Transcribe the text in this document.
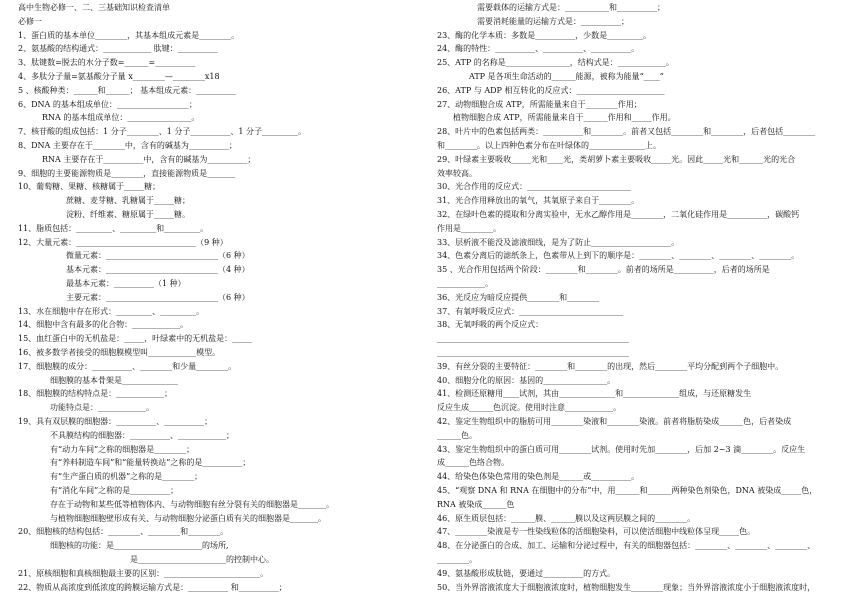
高中生物必修一、二、三基础知识检查清单
必修一
1、蛋白质的基本单位________，其基本组成元素是________。
2、氨基酸的结构通式：____________ 肽键：__________
3、肽键数=脱去的水分子数=______=__________
4、多肽分子量=氨基酸分子量 x________—________x18
5 、核酸种类：______和______； 基本组成元素：__________
6、DNA 的基本组成单位：__________________；
RNA 的基本组成单位：________________。
7、核苷酸的组成包括：1 分子________、1 分子__________、1 分子_________。
8、DNA 主要存在于________中，含有的碱基为__________；
RNA 主要存在于__________中，含有的碱基为__________；
9、细胞的主要能源物质是________，直接能源物质是_______
10、葡萄糖、果糖、核糖属于_____糖；
蔗糖、麦芽糖、乳糖属于_____糖；
淀粉、纤维素、糖原属于_____糖。
11、脂质包括：_________、_________和_________。
12、大量元素：______________________________（9 种）
微量元素：____________________________（6 种）
基本元素：____________________________（4 种）
最基本元素：__________（1 种）
主要元素：____________________________（6 种）
13、水在细胞中存在形式：_________、_________。
14、细胞中含有最多的化合物：____________。
15、血红蛋白中的无机盐是：_____，叶绿素中的无机盐是：_____
16、被多数学者接受的细胞膜模型叫____________模型。
17、细胞膜的成分：__________、________和少量________。
细胞膜的基本骨架是______________
18、细胞膜的结构特点是：____________；
功能特点是：____________。
19、具有双层膜的细胞器：__________、__________；
不具膜结构的细胞器：__________、____________；
有“动力车间”之称的细胞器是________；
有“养料制造车间”和“能量转换站”之称的是__________；
有“生产蛋白质的机器”之称的是________；
有“消化车间”之称的是__________；
存在于动物和某些低等植物体内、与动物细胞有丝分裂有关的细胞器是_______。
与植物细胞细胞壁形成有关、与动物细胞分泌蛋白质有关的细胞器是_______。
20、细胞核的结构包括：________、________和________。
细胞核的功能：是______________________的场所,
是______________________的控制中心。
21、原核细胞和真核细胞最主要的区别：________________________。
22、物质从高浓度到低浓度的跨膜运输方式是：__________ 和__________；
需要载体的运输方式是：___________和__________；
需要消耗能量的运输方式是：__________；
23、酶的化学本质：多数是__________，少数是_________。
24、酶的特性：__________、__________、__________。
25、ATP 的名称是________________，结构式是：____________。
ATP 是各项生命活动的______能源，被称为能量“____”
26、ATP 与 ADP 相互转化的反应式：______________________
27、动物细胞合成 ATP，所需能量来自于________作用；
植物细胞合成 ATP，所需能量来自于______作用和_____作用。
28、叶片中的色素包括两类：__________和________。前者又包括________和________，后者包括________
和________。以上四种色素分布在叶绿体的______________上。
29、叶绿素主要吸收_____光和____光，类胡萝卜素主要吸收_____光。因此_____光和______光的光合
效率较高。
30、光合作用的反应式：__________________________
31、光合作用释放出的氧气，其氧原子来自于________。
32、在绿叶色素的提取和分离实验中，无水乙醇作用是________，二氧化硅作用是__________，碳酸钙
作用是________。
33、层析液不能没及滤液细线，是为了防止____________________。
34、色素分离后的滤纸条上，色素带从上到下的顺序是：________、________、________、________。
35 、光合作用包括两个阶段：________和________。前者的场所是__________，后者的场所是
____________。
36、光反应为暗反应提供________和________
37、有氧呼吸反应式：__________________________
38、无氧呼吸的两个反应式：
________________________________________________
________________________________________________
39、有丝分裂的主要特征：________和________的出现，然后________平均分配到两个子细胞中。
40、细胞分化的原因：基因的________________。
41、检测还原糖用____试剂，其由______________和______________组成，与还原糖发生
反应生成______色沉淀。使用时注意____________。
42、鉴定生物组织中的脂肪可用________染液和________染液。前者将脂肪染成______色，后者染成
______色。
43、鉴定生物组织中的蛋白质可用________试剂。使用时先加________，后加 2~3 滴________。反应生
成______色络合物。
44、给染色体染色常用的染色剂是______或__________。
45、“观察 DNA 和 RNA 在细胞中的分布”中，用______和______两种染色剂染色，DNA 被染成_____色，
RNA 被染成______色
46、原生质层包括：______膜、______膜以及这两层膜之间的________。
47、________染液是专一性染线粒体的活细胞染料，可以使活细胞中线粒体呈现_____色。
48、在分泌蛋白的合成、加工、运输和分泌过程中，有关的细胞器包括：________、________、________、
________。
49、氨基酸形成肽链，要通过__________的方式。
50、当外界溶液浓度大于细胞液浓度时，植物细胞发生________现象；当外界溶液浓度小于细胞液浓度时，
